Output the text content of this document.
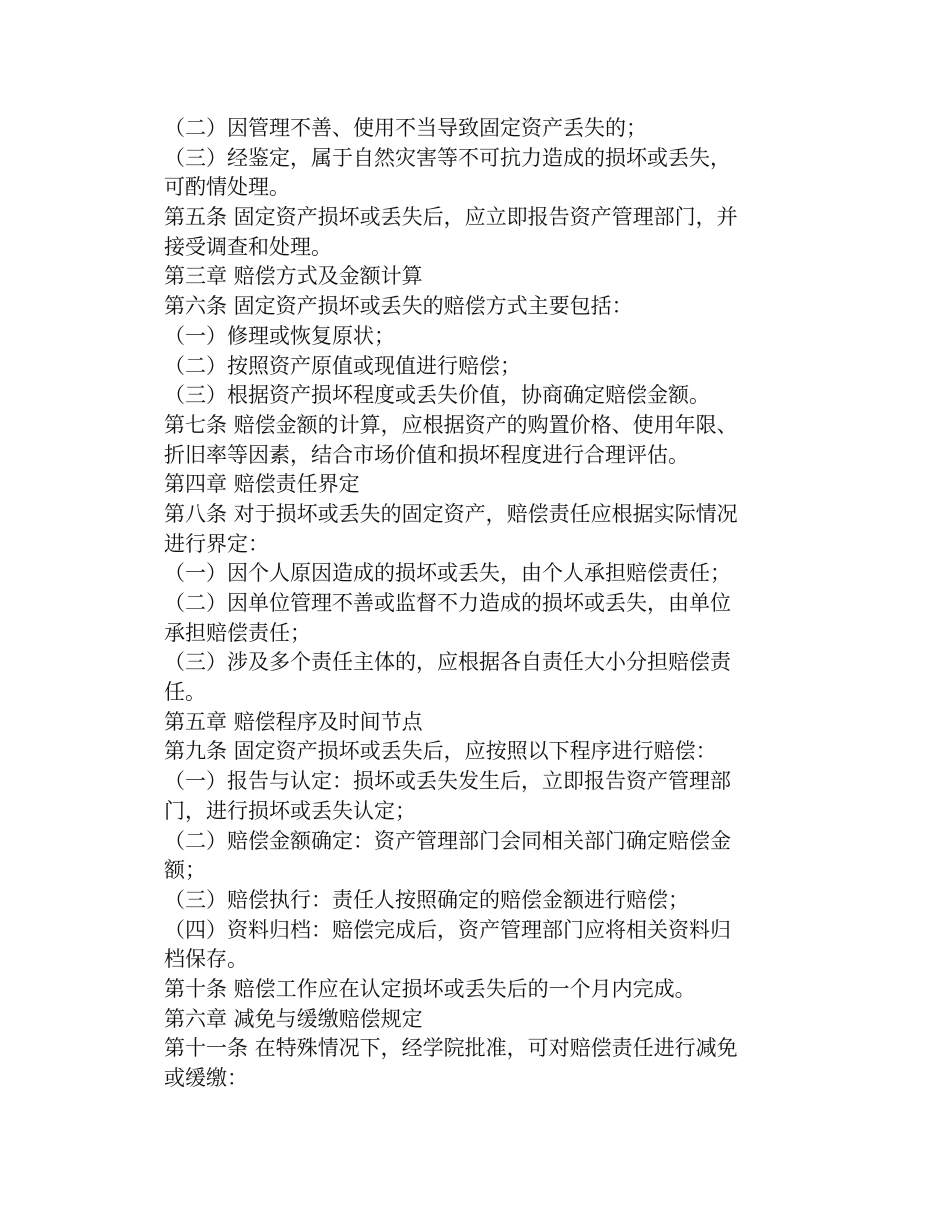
（二）因管理不善、使用不当导致固定资产丢失的；
（三）经鉴定，属于自然灾害等不可抗力造成的损坏或丢失，
可酌情处理。
第五条 固定资产损坏或丢失后，应立即报告资产管理部门，并
接受调查和处理。
第三章 赔偿方式及金额计算
第六条 固定资产损坏或丢失的赔偿方式主要包括：
（一）修理或恢复原状；
（二）按照资产原值或现值进行赔偿；
（三）根据资产损坏程度或丢失价值，协商确定赔偿金额。
第七条 赔偿金额的计算，应根据资产的购置价格、使用年限、
折旧率等因素，结合市场价值和损坏程度进行合理评估。
第四章 赔偿责任界定
第八条 对于损坏或丢失的固定资产，赔偿责任应根据实际情况
进行界定：
（一）因个人原因造成的损坏或丢失，由个人承担赔偿责任；
（二）因单位管理不善或监督不力造成的损坏或丢失，由单位
承担赔偿责任；
（三）涉及多个责任主体的，应根据各自责任大小分担赔偿责
任。
第五章 赔偿程序及时间节点
第九条 固定资产损坏或丢失后，应按照以下程序进行赔偿：
（一）报告与认定：损坏或丢失发生后，立即报告资产管理部
门，进行损坏或丢失认定；
（二）赔偿金额确定：资产管理部门会同相关部门确定赔偿金
额；
（三）赔偿执行：责任人按照确定的赔偿金额进行赔偿；
（四）资料归档：赔偿完成后，资产管理部门应将相关资料归
档保存。
第十条 赔偿工作应在认定损坏或丢失后的一个月内完成。
第六章 减免与缓缴赔偿规定
第十一条 在特殊情况下，经学院批准，可对赔偿责任进行减免
或缓缴：
